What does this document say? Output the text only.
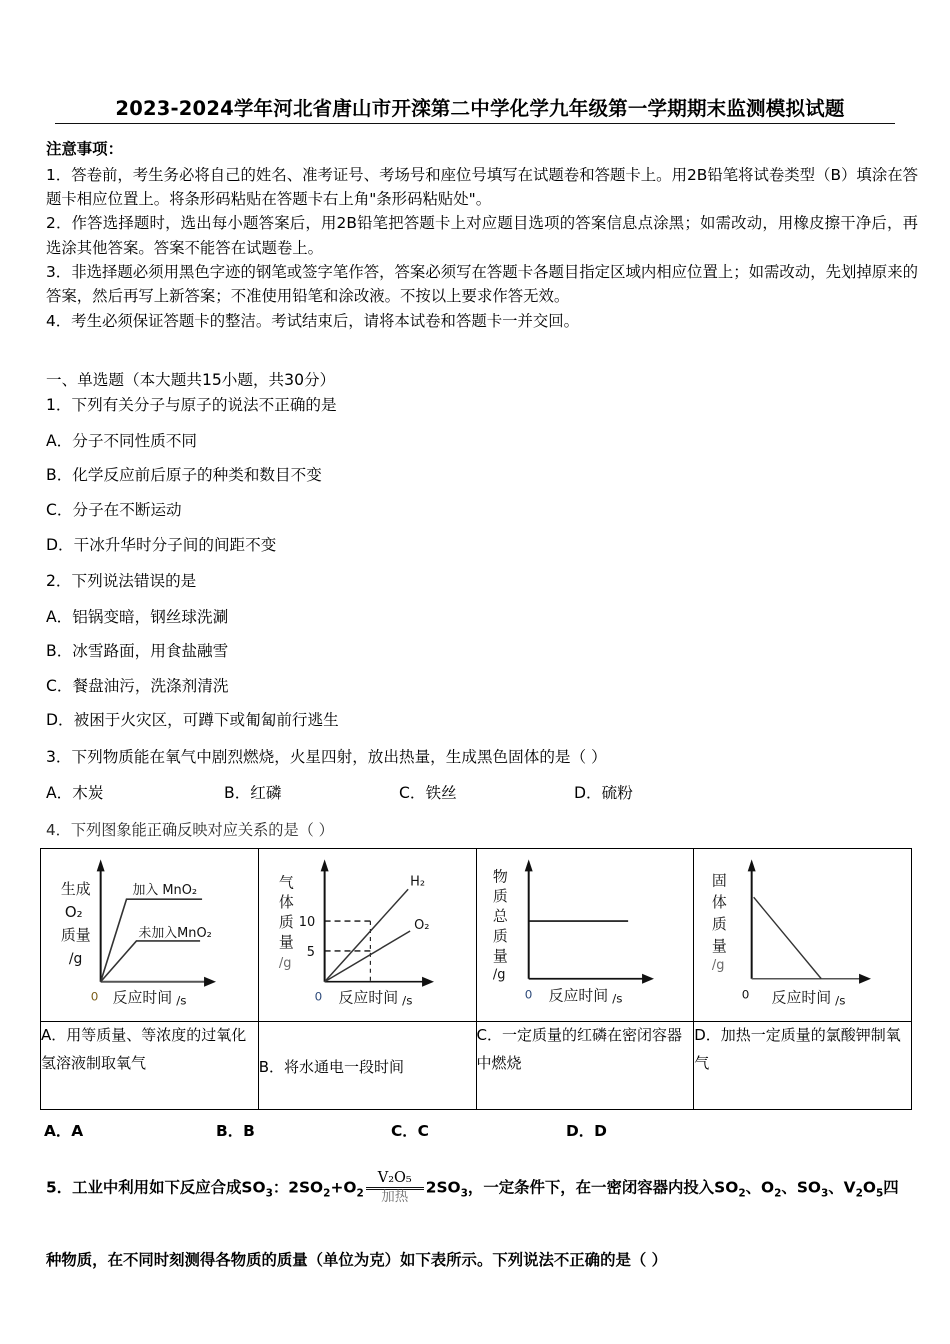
2023-2024学年河北省唐山市开滦第二中学化学九年级第一学期期末监测模拟试题
注意事项：

1．答卷前，考生务必将自己的姓名、准考证号、考场号和座位号填写在试题卷和答题卡上。用2B铅笔将试卷类型（B）填涂在答题卡相应位置上。将条形码粘贴在答题卡右上角"条形码粘贴处"。

2．作答选择题时，选出每小题答案后，用2B铅笔把答题卡上对应题目选项的答案信息点涂黑；如需改动，用橡皮擦干净后，再选涂其他答案。答案不能答在试题卷上。

3．非选择题必须用黑色字迹的钢笔或签字笔作答，答案必须写在答题卡各题目指定区域内相应位置上；如需改动，先划掉原来的答案，然后再写上新答案；不准使用铅笔和涂改液。不按以上要求作答无效。

4．考生必须保证答题卡的整洁。考试结束后，请将本试卷和答题卡一并交回。

一、单选题（本大题共15小题，共30分）
1．下列有关分子与原子的说法不正确的是
A．分子不同性质不同
B．化学反应前后原子的种类和数目不变
C．分子在不断运动
D．干冰升华时分子间的间距不变
2．下列说法错误的是
A．铝锅变暗，钢丝球洗涮
B．冰雪路面，用食盐融雪
C．餐盘油污，洗涤剂清洗
D．被困于火灾区，可蹲下或匍匐前行逃生
3．下列物质能在氧气中剧烈燃烧，火星四射，放出热量，生成黑色固体的是（ ）
A．木炭	B．红磷	C．铁丝	D．硫粉
4．下列图象能正确反映对应关系的是（ ）
生成
O₂
质量
/g
加入 MnO₂
未加入MnO₂
0 反应时间 /s

气
体
质
量
/g
10
5
H₂
O₂
0 反应时间 /s

物
质
总
质
量
/g
0 反应时间 /s

固
体
质
量
/g
0 反应时间 /s

A．用等质量、等浓度的过氧化氢溶液制取氧气	B．将水通电一段时间	C．一定质量的红磷在密闭容器中燃烧	D．加热一定质量的氯酸钾制氧气
A．A	B．B	C．C	D．D
5．工业中利用如下反应合成$SO_3$：$2SO_2+O_2$
V₂O₅
加热	$2SO_3$，一定条件下，在一密闭容器内投入$SO_2$、$O_2$、$SO_3$、$V_2O_5$四
种物质，在不同时刻测得各物质的质量（单位为克）如下表所示。下列说法不正确的是（ ）
